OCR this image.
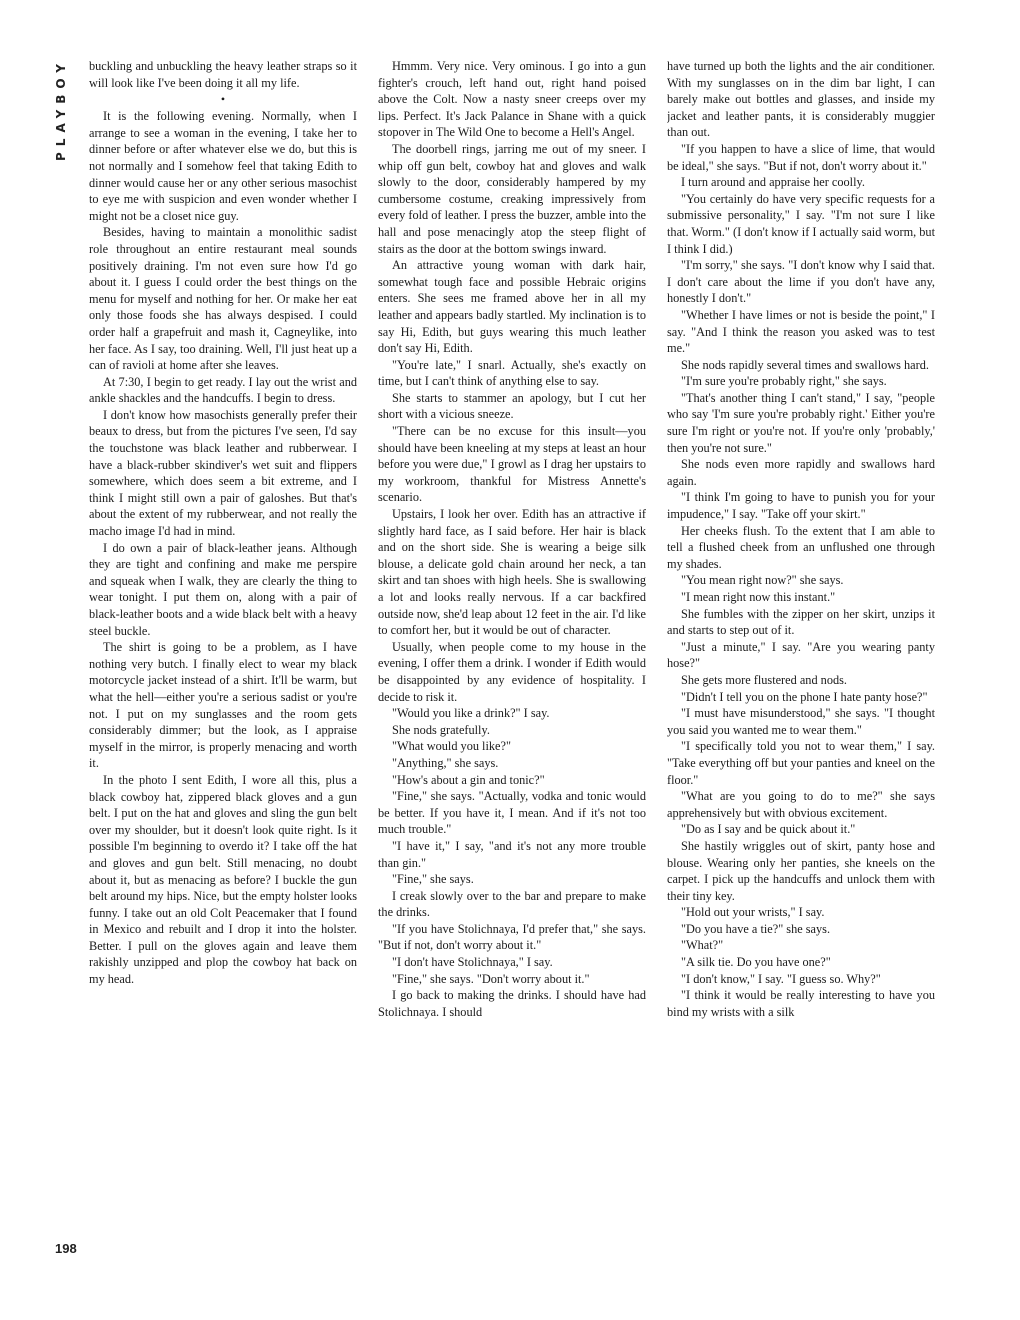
PLAYBOY	buckling and unbuckling the heavy leather straps so it will look like I've been doing it all my life.

•

It is the following evening. Normally, when I arrange to see a woman in the evening, I take her to dinner before or after whatever else we do, but this is not normally and I somehow feel that taking Edith to dinner would cause her or any other serious masochist to eye me with suspicion and even wonder whether I might not be a closet nice guy.

Besides, having to maintain a monolithic sadist role throughout an entire restaurant meal sounds positively draining. I'm not even sure how I'd go about it. I guess I could order the best things on the menu for myself and nothing for her. Or make her eat only those foods she has always despised. I could order half a grapefruit and mash it, Cagneylike, into her face. As I say, too draining. Well, I'll just heat up a can of ravioli at home after she leaves.

At 7:30, I begin to get ready. I lay out the wrist and ankle shackles and the handcuffs. I begin to dress.

I don't know how masochists generally prefer their beaux to dress, but from the pictures I've seen, I'd say the touchstone was black leather and rubberwear. I have a black-rubber skindiver's wet suit and flippers somewhere, which does seem a bit extreme, and I think I might still own a pair of galoshes. But that's about the extent of my rubberwear, and not really the macho image I'd had in mind.

I do own a pair of black-leather jeans. Although they are tight and confining and make me perspire and squeak when I walk, they are clearly the thing to wear tonight. I put them on, along with a pair of black-leather boots and a wide black belt with a heavy steel buckle.

The shirt is going to be a problem, as I have nothing very butch. I finally elect to wear my black motorcycle jacket instead of a shirt. It'll be warm, but what the hell—either you're a serious sadist or you're not. I put on my sunglasses and the room gets considerably dimmer; but the look, as I appraise myself in the mirror, is properly menacing and worth it.

In the photo I sent Edith, I wore all this, plus a black cowboy hat, zippered black gloves and a gun belt. I put on the hat and gloves and sling the gun belt over my shoulder, but it doesn't look quite right. Is it possible I'm beginning to overdo it? I take off the hat and gloves and gun belt. Still menacing, no doubt about it, but as menacing as before? I buckle the gun belt around my hips. Nice, but the empty holster looks funny. I take out an old Colt Peacemaker that I found in Mexico and rebuilt and I drop it into the holster. Better. I pull on the gloves again and leave them rakishly unzipped and plop the cowboy hat back on my head.

Hmmm. Very nice. Very ominous. I go into a gun fighter's crouch, left hand out, right hand poised above the Colt. Now a nasty sneer creeps over my lips. Perfect. It's Jack Palance in Shane with a quick stopover in The Wild One to become a Hell's Angel.

The doorbell rings, jarring me out of my sneer. I whip off gun belt, cowboy hat and gloves and walk slowly to the door, considerably hampered by my cumbersome costume, creaking impressively from every fold of leather. I press the buzzer, amble into the hall and pose menacingly atop the steep flight of stairs as the door at the bottom swings inward.

An attractive young woman with dark hair, somewhat tough face and possible Hebraic origins enters. She sees me framed above her in all my leather and appears badly startled. My inclination is to say Hi, Edith, but guys wearing this much leather don't say Hi, Edith.

"You're late," I snarl. Actually, she's exactly on time, but I can't think of anything else to say.

She starts to stammer an apology, but I cut her short with a vicious sneeze.

"There can be no excuse for this insult—you should have been kneeling at my steps at least an hour before you were due," I growl as I drag her upstairs to my workroom, thankful for Mistress Annette's scenario.

Upstairs, I look her over. Edith has an attractive if slightly hard face, as I said before. Her hair is black and on the short side. She is wearing a beige silk blouse, a delicate gold chain around her neck, a tan skirt and tan shoes with high heels. She is swallowing a lot and looks really nervous. If a car backfired outside now, she'd leap about 12 feet in the air. I'd like to comfort her, but it would be out of character.

Usually, when people come to my house in the evening, I offer them a drink. I wonder if Edith would be disappointed by any evidence of hospitality. I decide to risk it.

"Would you like a drink?" I say.

She nods gratefully.

"What would you like?"

"Anything," she says.

"How's about a gin and tonic?"

"Fine," she says. "Actually, vodka and tonic would be better. If you have it, I mean. And if it's not too much trouble."

"I have it," I say, "and it's not any more trouble than gin."

"Fine," she says.

I creak slowly over to the bar and prepare to make the drinks.

"If you have Stolichnaya, I'd prefer that," she says. "But if not, don't worry about it."

"I don't have Stolichnaya," I say.

"Fine," she says. "Don't worry about it."

I go back to making the drinks. I should have had Stolichnaya. I should

have turned up both the lights and the air conditioner. With my sunglasses on in the dim bar light, I can barely make out bottles and glasses, and inside my jacket and leather pants, it is considerably muggier than out.

"If you happen to have a slice of lime, that would be ideal," she says. "But if not, don't worry about it."

I turn around and appraise her coolly.

"You certainly do have very specific requests for a submissive personality," I say. "I'm not sure I like that. Worm." (I don't know if I actually said worm, but I think I did.)

"I'm sorry," she says. "I don't know why I said that. I don't care about the lime if you don't have any, honestly I don't."

"Whether I have limes or not is beside the point," I say. "And I think the reason you asked was to test me."

She nods rapidly several times and swallows hard.

"I'm sure you're probably right," she says.

"That's another thing I can't stand," I say, "people who say 'I'm sure you're probably right.' Either you're sure I'm right or you're not. If you're only 'probably,' then you're not sure."

She nods even more rapidly and swallows hard again.

"I think I'm going to have to punish you for your impudence," I say. "Take off your skirt."

Her cheeks flush. To the extent that I am able to tell a flushed cheek from an unflushed one through my shades.

"You mean right now?" she says.

"I mean right now this instant."

She fumbles with the zipper on her skirt, unzips it and starts to step out of it.

"Just a minute," I say. "Are you wearing panty hose?"

She gets more flustered and nods.

"Didn't I tell you on the phone I hate panty hose?"

"I must have misunderstood," she says. "I thought you said you wanted me to wear them."

"I specifically told you not to wear them," I say. "Take everything off but your panties and kneel on the floor."

"What are you going to do to me?" she says apprehensively but with obvious excitement.

"Do as I say and be quick about it."

She hastily wriggles out of skirt, panty hose and blouse. Wearing only her panties, she kneels on the carpet. I pick up the handcuffs and unlock them with their tiny key.

"Hold out your wrists," I say.

"Do you have a tie?" she says.

"What?"

"A silk tie. Do you have one?"

"I don't know," I say. "I guess so. Why?"

"I think it would be really interesting to have you bind my wrists with a silk

198
